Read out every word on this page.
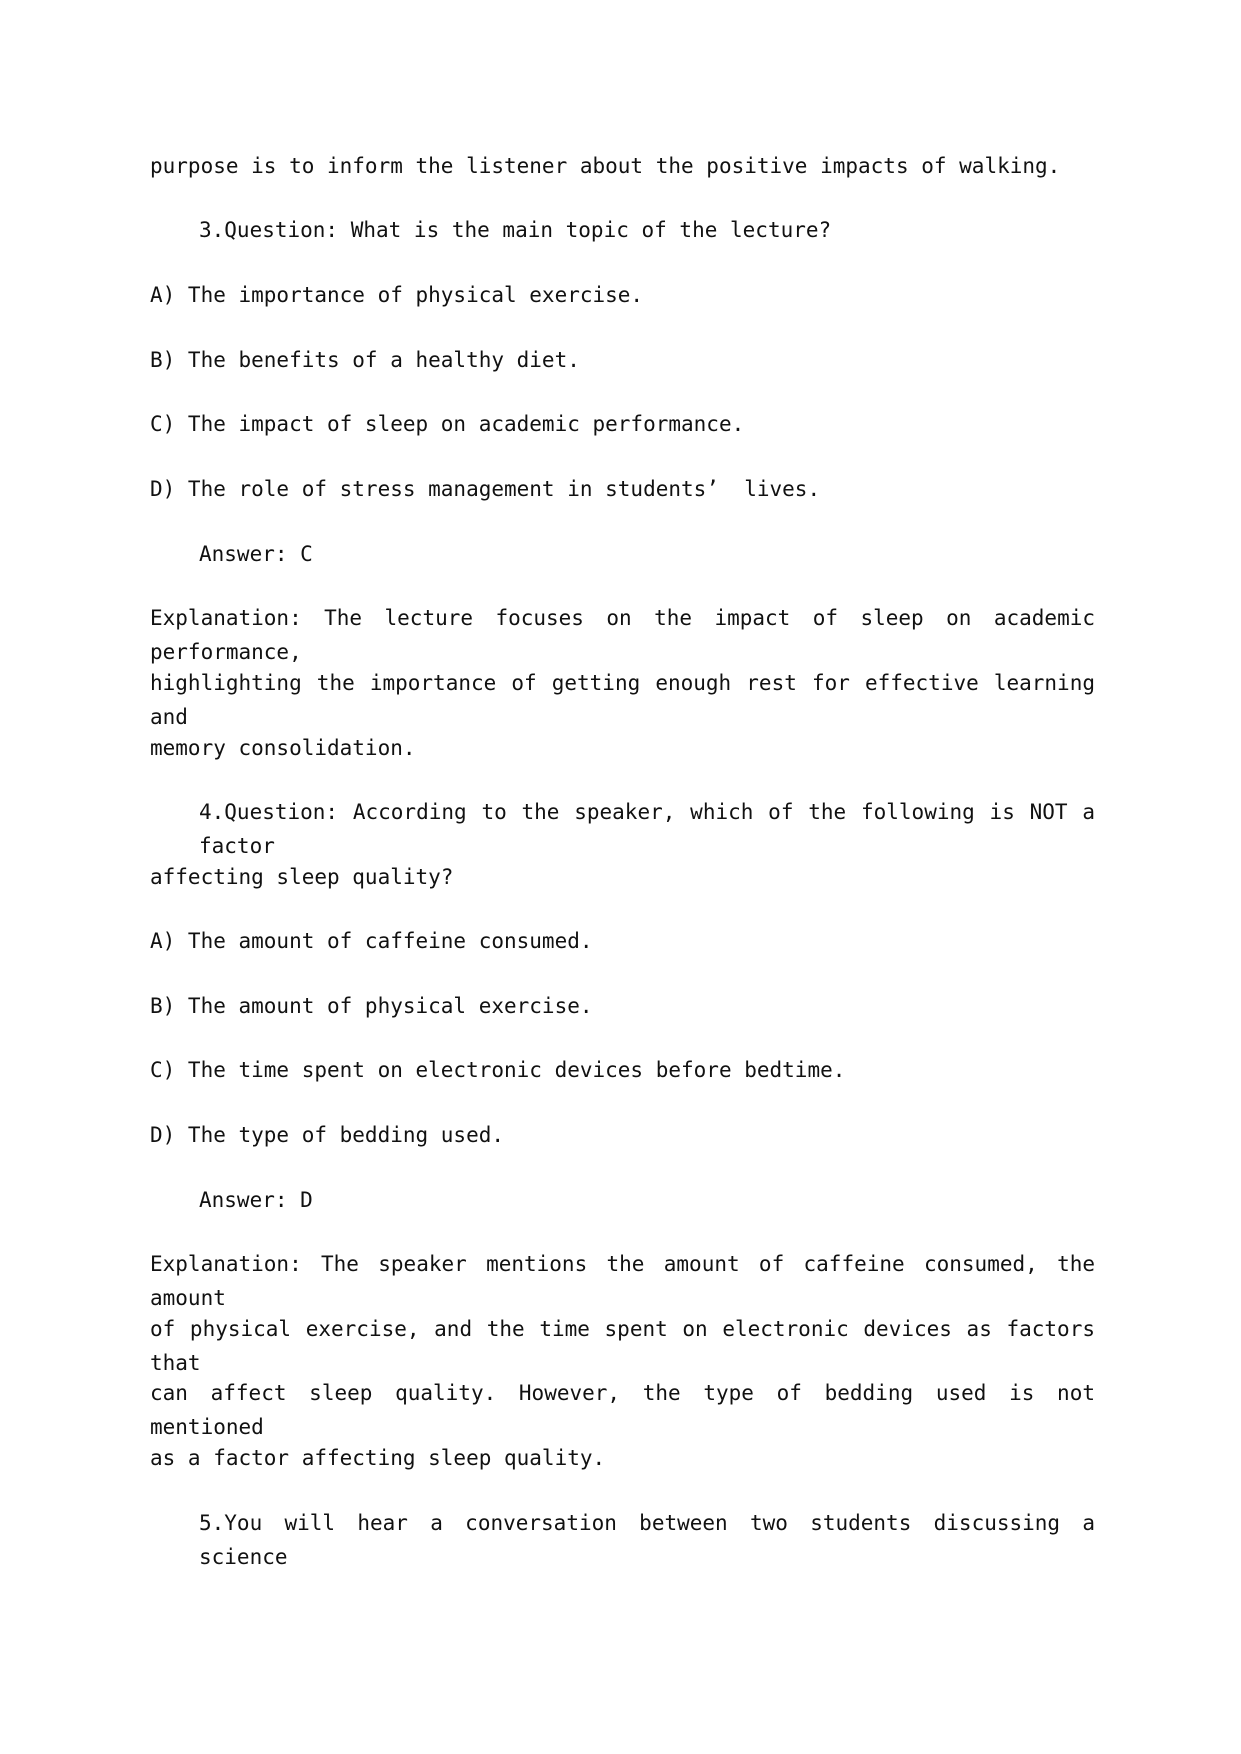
purpose is to inform the listener about the positive impacts of walking.
3.Question: What is the main topic of the lecture?
A) The importance of physical exercise.
B) The benefits of a healthy diet.
C) The impact of sleep on academic performance.
D) The role of stress management in students’  lives.
Answer: C
Explanation: The lecture focuses on the impact of sleep on academic performance,
highlighting the importance of getting enough rest for effective learning and
memory consolidation.
4.Question: According to the speaker, which of the following is NOT a factor
affecting sleep quality?
A) The amount of caffeine consumed.
B) The amount of physical exercise.
C) The time spent on electronic devices before bedtime.
D) The type of bedding used.
Answer: D
Explanation: The speaker mentions the amount of caffeine consumed, the amount
of physical exercise, and the time spent on electronic devices as factors that
can affect sleep quality. However, the type of bedding used is not mentioned
as a factor affecting sleep quality.
5.You will hear a conversation between two students discussing a science
